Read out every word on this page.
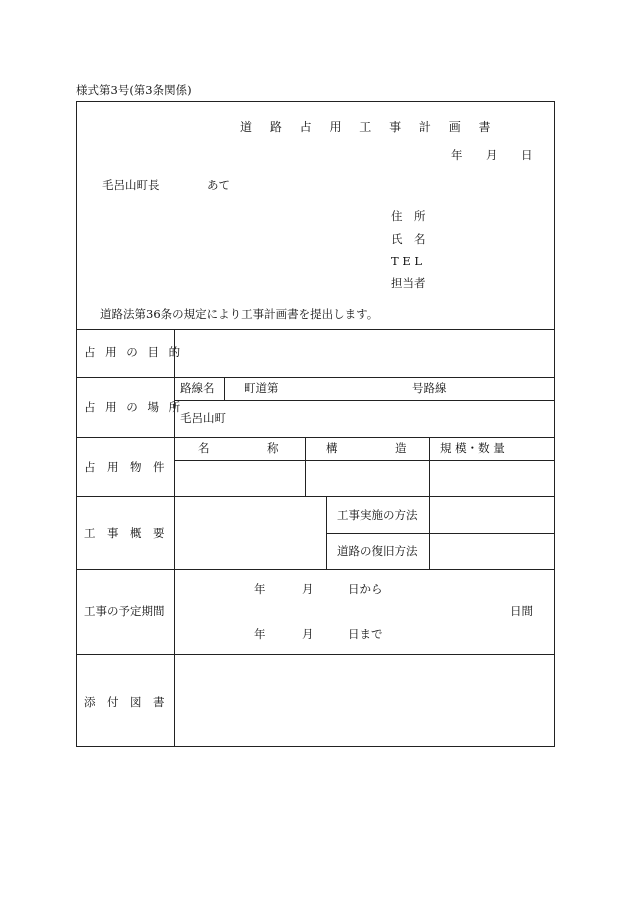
様式第3号(第3条関係)
道 路 占 用 工 事 計 画 書
年 月 日
毛呂山町長	あて
住　所
氏　名
T E L
担当者
道路法第36条の規定により工事計画書を提出します。
占 用 の 目 的
占 用 の 場 所
路線名	町道第	号路線
毛呂山町
占　用　物　件
名　　　　　称	構　　　　　造	規 模・数 量
工　事　概　要
工事実施の方法
道路の復旧方法
工事の予定期間
年	月	日から
日間
年	月	日まで
添　付　図　書
